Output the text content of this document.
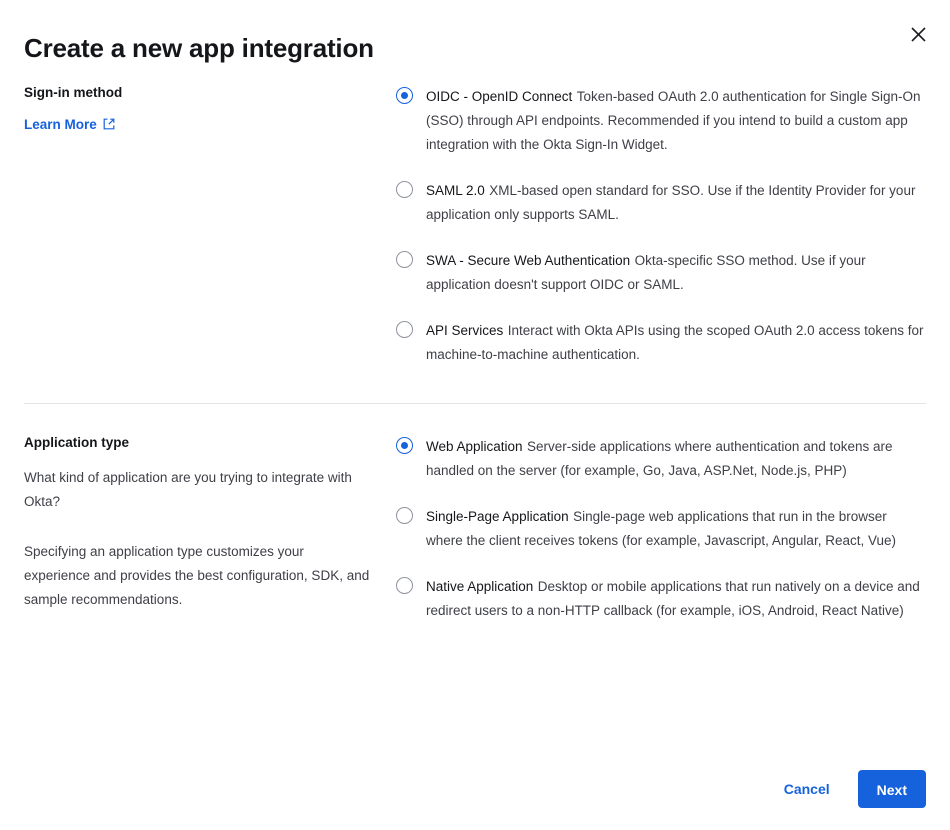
Create a new app integration
Sign-in method
Learn More
OIDC - OpenID Connect Token-based OAuth 2.0 authentication for Single Sign-On (SSO) through API endpoints. Recommended if you intend to build a custom app integration with the Okta Sign-In Widget.
SAML 2.0 XML-based open standard for SSO. Use if the Identity Provider for your application only supports SAML.
SWA - Secure Web Authentication Okta-specific SSO method. Use if your application doesn't support OIDC or SAML.
API Services Interact with Okta APIs using the scoped OAuth 2.0 access tokens for machine-to-machine authentication.
Application type

What kind of application are you trying to integrate with Okta?

Specifying an application type customizes your experience and provides the best configuration, SDK, and sample recommendations.

Web Application Server-side applications where authentication and tokens are handled on the server (for example, Go, Java, ASP.Net, Node.js, PHP)
Single-Page Application Single-page web applications that run in the browser where the client receives tokens (for example, Javascript, Angular, React, Vue)
Native Application Desktop or mobile applications that run natively on a device and redirect users to a non-HTTP callback (for example, iOS, Android, React Native)
Cancel	Next
